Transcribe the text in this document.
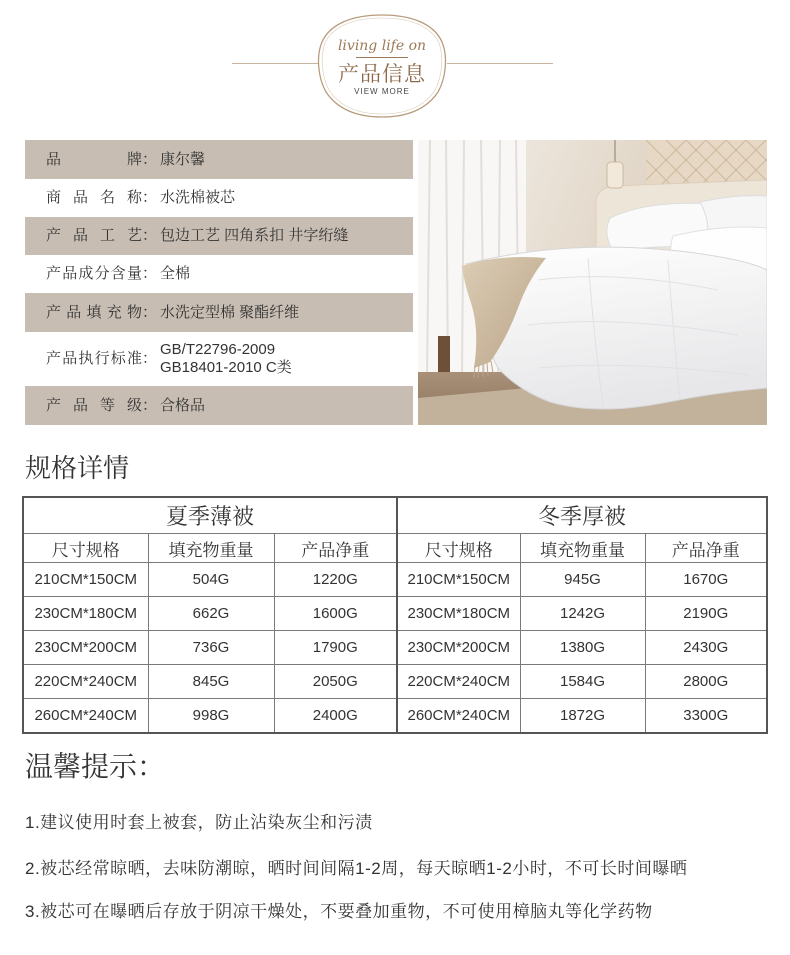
living life on
产品信息
VIEW MORE
品牌 ： 康尔馨
商品名称 ： 水洗棉被芯
产品工艺 ： 包边工艺 四角系扣 井字绗缝
产品成分含量 ： 全棉
产品填充物 ： 水洗定型棉 聚酯纤维
产品执行标准 ：
GB/T22796-2009
GB18401-2010 C类
产品等级 ： 合格品
规格详情
夏季薄被			冬季厚被		
尺寸规格	填充物重量	产品净重	尺寸规格	填充物重量	产品净重
210CM*150CM	504G	1220G	210CM*150CM	945G	1670G
230CM*180CM	662G	1600G	230CM*180CM	1242G	2190G
230CM*200CM	736G	1790G	230CM*200CM	1380G	2430G
220CM*240CM	845G	2050G	220CM*240CM	1584G	2800G
260CM*240CM	998G	2400G	260CM*240CM	1872G	3300G
温馨提示：
1.建议使用时套上被套，防止沾染灰尘和污渍
2.被芯经常晾晒，去味防潮晾，晒时间间隔1-2周，每天晾晒1-2小时，不可长时间曝晒
3.被芯可在曝晒后存放于阴凉干燥处，不要叠加重物，不可使用樟脑丸等化学药物
